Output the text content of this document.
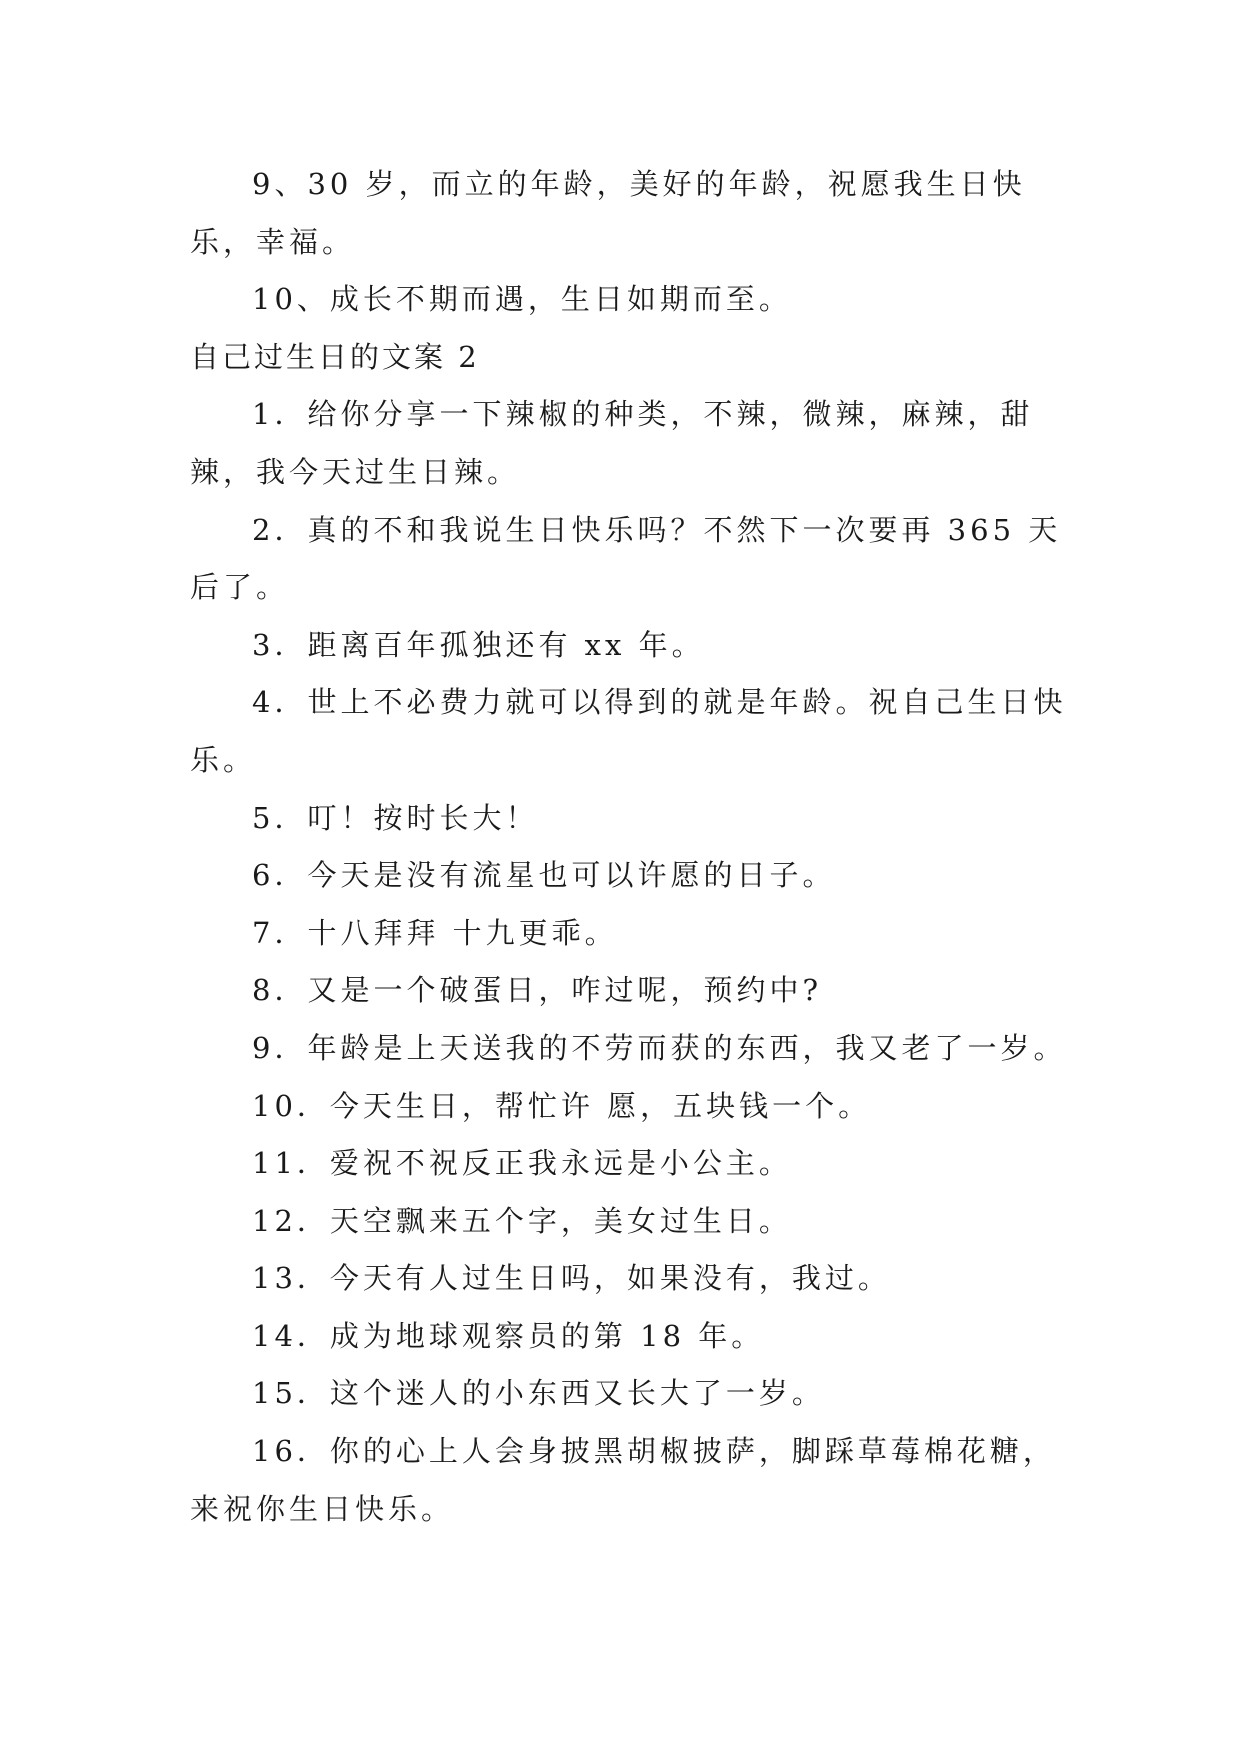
9、30 岁，而立的年龄，美好的年龄，祝愿我生日快乐，幸福。

10、成长不期而遇，生日如期而至。

自己过生日的文案 2

1．给你分享一下辣椒的种类，不辣，微辣，麻辣，甜辣，我今天过生日辣。

2．真的不和我说生日快乐吗？不然下一次要再 365 天后了。

3．距离百年孤独还有 xx 年。

4．世上不必费力就可以得到的就是年龄。祝自己生日快乐。

5．叮！按时长大！

6．今天是没有流星也可以许愿的日子。

7．十八拜拜 十九更乖。

8．又是一个破蛋日，咋过呢，预约中?

9．年龄是上天送我的不劳而获的东西，我又老了一岁。

10．今天生日，帮忙许 愿，五块钱一个。

11．爱祝不祝反正我永远是小公主。

12．天空飘来五个字，美女过生日。

13．今天有人过生日吗，如果没有，我过。

14．成为地球观察员的第 18 年。

15．这个迷人的小东西又长大了一岁。

16．你的心上人会身披黑胡椒披萨，脚踩草莓棉花糖，来祝你生日快乐。
